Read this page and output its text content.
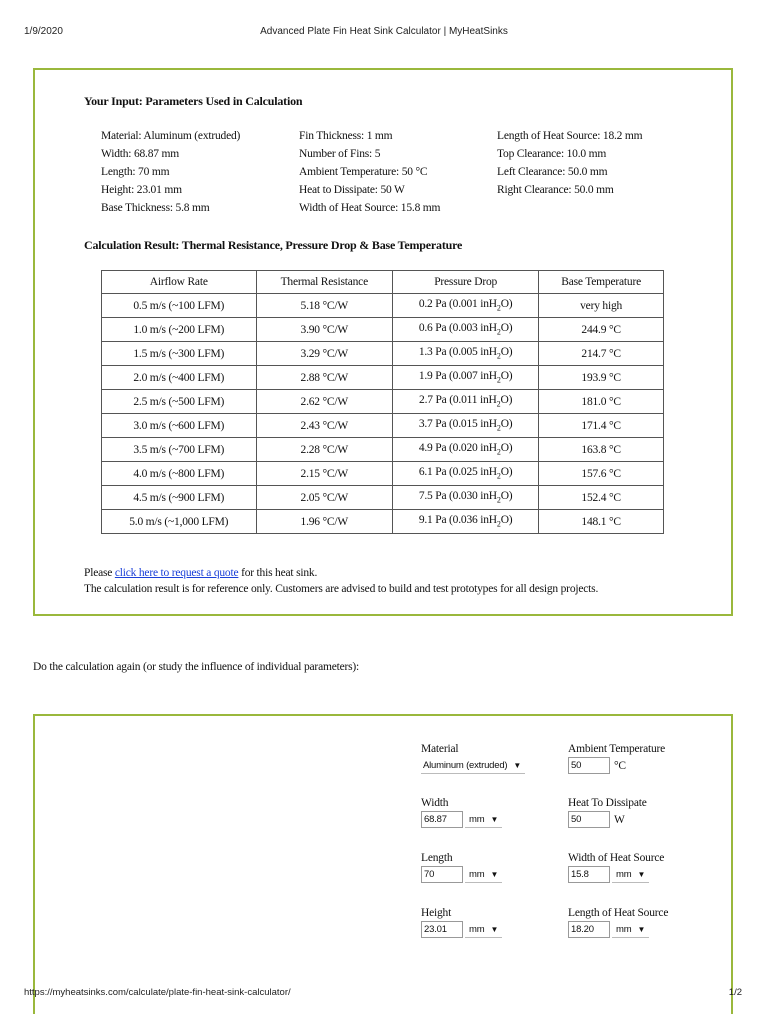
1/9/2020	Advanced Plate Fin Heat Sink Calculator | MyHeatSinks
Your Input: Parameters Used in Calculation
Material: Aluminum (extruded)
Width: 68.87 mm
Length: 70 mm
Height: 23.01 mm
Base Thickness: 5.8 mm
Fin Thickness: 1 mm
Number of Fins: 5
Ambient Temperature: 50 °C
Heat to Dissipate: 50 W
Width of Heat Source: 15.8 mm
Length of Heat Source: 18.2 mm
Top Clearance: 10.0 mm
Left Clearance: 50.0 mm
Right Clearance: 50.0 mm
Calculation Result: Thermal Resistance, Pressure Drop & Base Temperature
Airflow Rate	Thermal Resistance	Pressure Drop	Base Temperature
0.5 m/s (~100 LFM)	5.18 °C/W	0.2 Pa (0.001 inH$_2$O)	very high
1.0 m/s (~200 LFM)	3.90 °C/W	0.6 Pa (0.003 inH$_2$O)	244.9 °C
1.5 m/s (~300 LFM)	3.29 °C/W	1.3 Pa (0.005 inH$_2$O)	214.7 °C
2.0 m/s (~400 LFM)	2.88 °C/W	1.9 Pa (0.007 inH$_2$O)	193.9 °C
2.5 m/s (~500 LFM)	2.62 °C/W	2.7 Pa (0.011 inH$_2$O)	181.0 °C
3.0 m/s (~600 LFM)	2.43 °C/W	3.7 Pa (0.015 inH$_2$O)	171.4 °C
3.5 m/s (~700 LFM)	2.28 °C/W	4.9 Pa (0.020 inH$_2$O)	163.8 °C
4.0 m/s (~800 LFM)	2.15 °C/W	6.1 Pa (0.025 inH$_2$O)	157.6 °C
4.5 m/s (~900 LFM)	2.05 °C/W	7.5 Pa (0.030 inH$_2$O)	152.4 °C
5.0 m/s (~1,000 LFM)	1.96 °C/W	9.1 Pa (0.036 inH$_2$O)	148.1 °C
Please click here to request a quote for this heat sink.
The calculation result is for reference only. Customers are advised to build and test prototypes for all design projects.
Do the calculation again (or study the influence of individual parameters):
Material
Aluminum (extruded) ▼
Width
68.87	mm ▼
Length
70	mm ▼
Height
23.01	mm ▼
Ambient Temperature
50	°C
Heat To Dissipate
50	W
Width of Heat Source
15.8	mm ▼
Length of Heat Source
18.20	mm ▼
https://myheatsinks.com/calculate/plate-fin-heat-sink-calculator/	1/2
